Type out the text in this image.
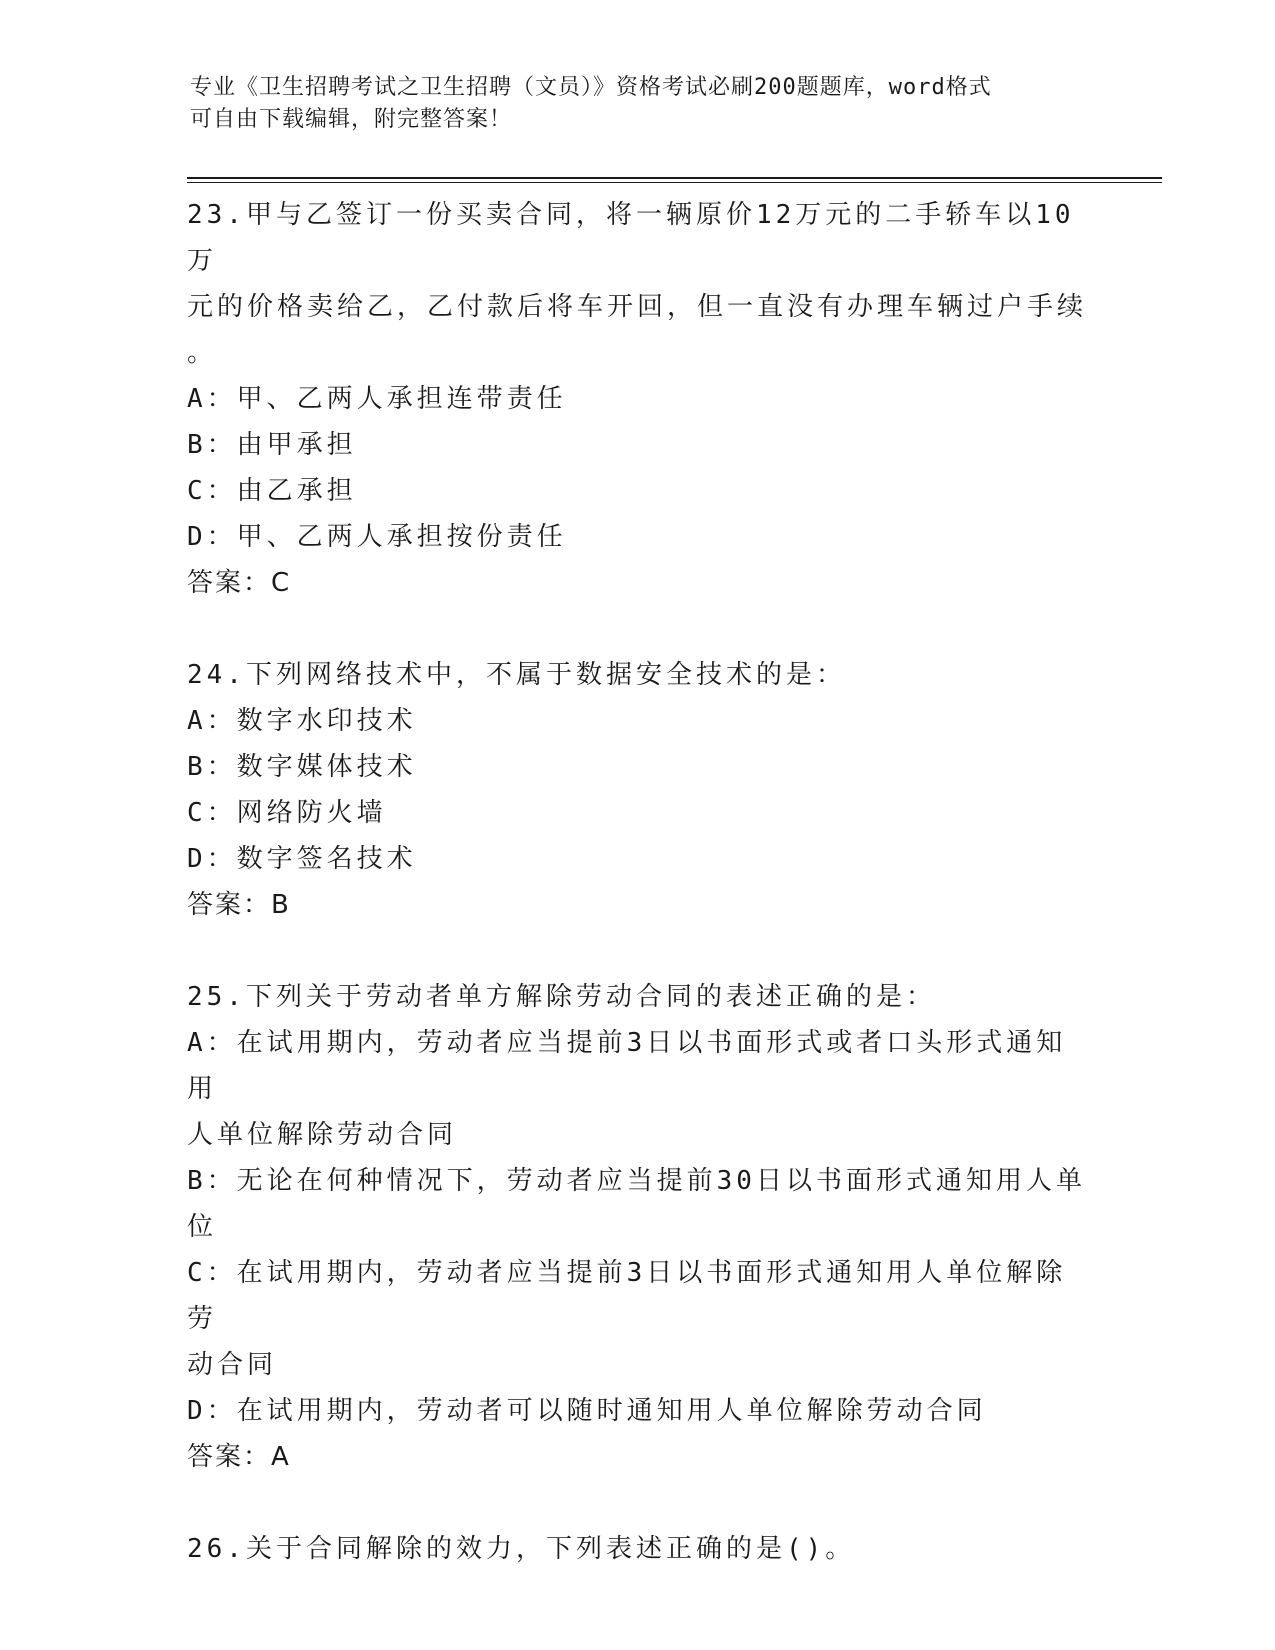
专业《卫生招聘考试之卫生招聘（文员）》资格考试必刷200题题库，word格式
可自由下载编辑，附完整答案！
23.甲与乙签订一份买卖合同，将一辆原价12万元的二手轿车以10万
元的价格卖给乙，乙付款后将车开回，但一直没有办理车辆过户手续
。
A：甲、乙两人承担连带责任
B：由甲承担
C：由乙承担
D：甲、乙两人承担按份责任
答案：C
24.下列网络技术中，不属于数据安全技术的是：
A：数字水印技术
B：数字媒体技术
C：网络防火墙
D：数字签名技术
答案：B
25.下列关于劳动者单方解除劳动合同的表述正确的是：
A：在试用期内，劳动者应当提前3日以书面形式或者口头形式通知用
人单位解除劳动合同
B：无论在何种情况下，劳动者应当提前30日以书面形式通知用人单
位
C：在试用期内，劳动者应当提前3日以书面形式通知用人单位解除劳
动合同
D：在试用期内，劳动者可以随时通知用人单位解除劳动合同
答案：A
26.关于合同解除的效力，下列表述正确的是()。
